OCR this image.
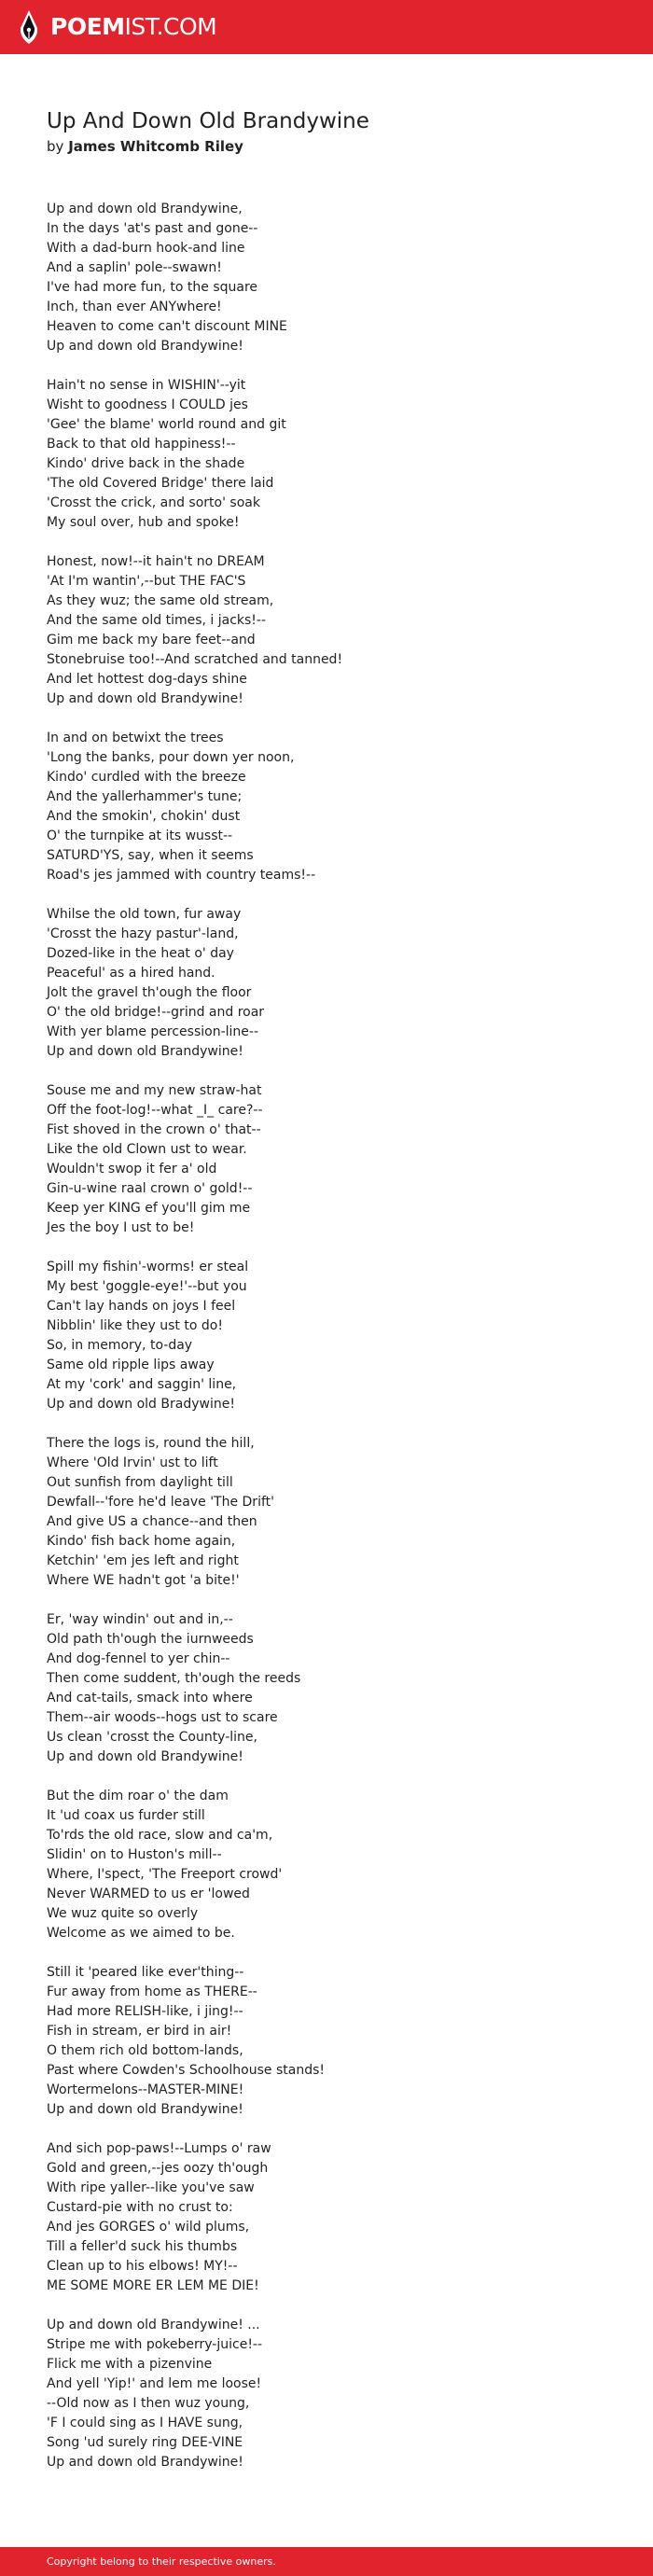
POEMIST.COM
Up And Down Old Brandywine
by James Whitcomb Riley
Up and down old Brandywine,
In the days 'at's past and gone--
With a dad-burn hook-and line
And a saplin' pole--swawn!
I've had more fun, to the square
Inch, than ever ANYwhere!
Heaven to come can't discount MINE
Up and down old Brandywine!
Hain't no sense in WISHIN'--yit
Wisht to goodness I COULD jes
'Gee' the blame' world round and git
Back to that old happiness!--
Kindo' drive back in the shade
'The old Covered Bridge' there laid
'Crosst the crick, and sorto' soak
My soul over, hub and spoke!
Honest, now!--it hain't no DREAM
'At I'm wantin',--but THE FAC'S
As they wuz; the same old stream,
And the same old times, i jacks!--
Gim me back my bare feet--and
Stonebruise too!--And scratched and tanned!
And let hottest dog-days shine
Up and down old Brandywine!
In and on betwixt the trees
'Long the banks, pour down yer noon,
Kindo' curdled with the breeze
And the yallerhammer's tune;
And the smokin', chokin' dust
O' the turnpike at its wusst--
SATURD'YS, say, when it seems
Road's jes jammed with country teams!--
Whilse the old town, fur away
'Crosst the hazy pastur'-land,
Dozed-like in the heat o' day
Peaceful' as a hired hand.
Jolt the gravel th'ough the floor
O' the old bridge!--grind and roar
With yer blame percession-line--
Up and down old Brandywine!
Souse me and my new straw-hat
Off the foot-log!--what _I_ care?--
Fist shoved in the crown o' that--
Like the old Clown ust to wear.
Wouldn't swop it fer a' old
Gin-u-wine raal crown o' gold!--
Keep yer KING ef you'll gim me
Jes the boy I ust to be!
Spill my fishin'-worms! er steal
My best 'goggle-eye!'--but you
Can't lay hands on joys I feel
Nibblin' like they ust to do!
So, in memory, to-day
Same old ripple lips away
At my 'cork' and saggin' line,
Up and down old Bradywine!
There the logs is, round the hill,
Where 'Old Irvin' ust to lift
Out sunfish from daylight till
Dewfall--'fore he'd leave 'The Drift'
And give US a chance--and then
Kindo' fish back home again,
Ketchin' 'em jes left and right
Where WE hadn't got 'a bite!'
Er, 'way windin' out and in,--
Old path th'ough the iurnweeds
And dog-fennel to yer chin--
Then come suddent, th'ough the reeds
And cat-tails, smack into where
Them--air woods--hogs ust to scare
Us clean 'crosst the County-line,
Up and down old Brandywine!
But the dim roar o' the dam
It 'ud coax us furder still
To'rds the old race, slow and ca'm,
Slidin' on to Huston's mill--
Where, I'spect, 'The Freeport crowd'
Never WARMED to us er 'lowed
We wuz quite so overly
Welcome as we aimed to be.
Still it 'peared like ever'thing--
Fur away from home as THERE--
Had more RELISH-like, i jing!--
Fish in stream, er bird in air!
O them rich old bottom-lands,
Past where Cowden's Schoolhouse stands!
Wortermelons--MASTER-MINE!
Up and down old Brandywine!
And sich pop-paws!--Lumps o' raw
Gold and green,--jes oozy th'ough
With ripe yaller--like you've saw
Custard-pie with no crust to:
And jes GORGES o' wild plums,
Till a feller'd suck his thumbs
Clean up to his elbows! MY!--
ME SOME MORE ER LEM ME DIE!
Up and down old Brandywine! ...
Stripe me with pokeberry-juice!--
Flick me with a pizenvine
And yell 'Yip!' and lem me loose!
--Old now as I then wuz young,
'F I could sing as I HAVE sung,
Song 'ud surely ring DEE-VINE
Up and down old Brandywine!
Copyright belong to their respective owners.
